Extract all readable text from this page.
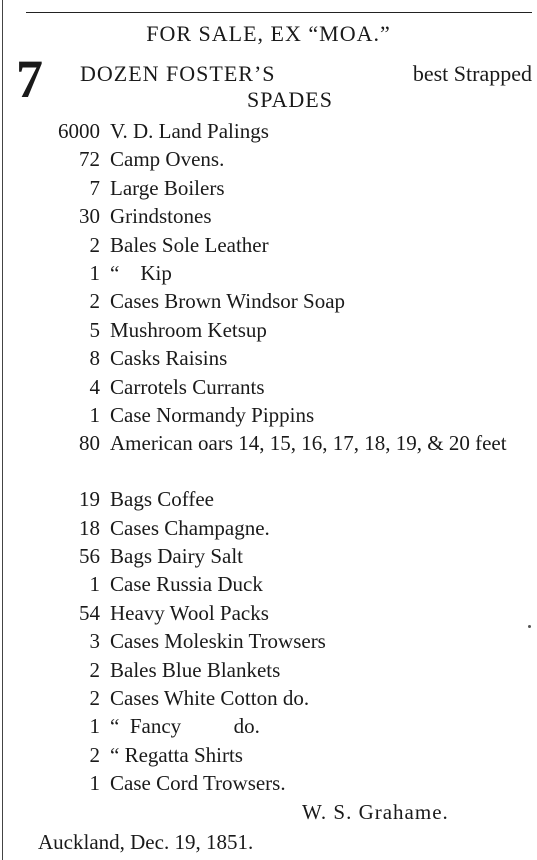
FOR SALE, EX “MOA.”
7 DOZEN FOSTER’S	best Strapped
SPADES
6000 V. D. Land Palings
72 Camp Ovens.
7 Large Boilers
30 Grindstones
2 Bales Sole Leather
1 “    Kip
2 Cases Brown Windsor Soap
5 Mushroom Ketsup
8 Casks Raisins
4 Carrotels Currants
1 Case Normandy Pippins
80 American oars 14, 15, 16, 17, 18, 19, & 20 feet
19 Bags Coffee
18 Cases Champagne.
56 Bags Dairy Salt
1 Case Russia Duck
54 Heavy Wool Packs
3 Cases Moleskin Trowsers
2 Bales Blue Blankets
2 Cases White Cotton do.
1 “  Fancy          do.
2 “ Regatta Shirts
1 Case Cord Trowsers.
W. S. Grahame.
Auckland, Dec. 19, 1851.
